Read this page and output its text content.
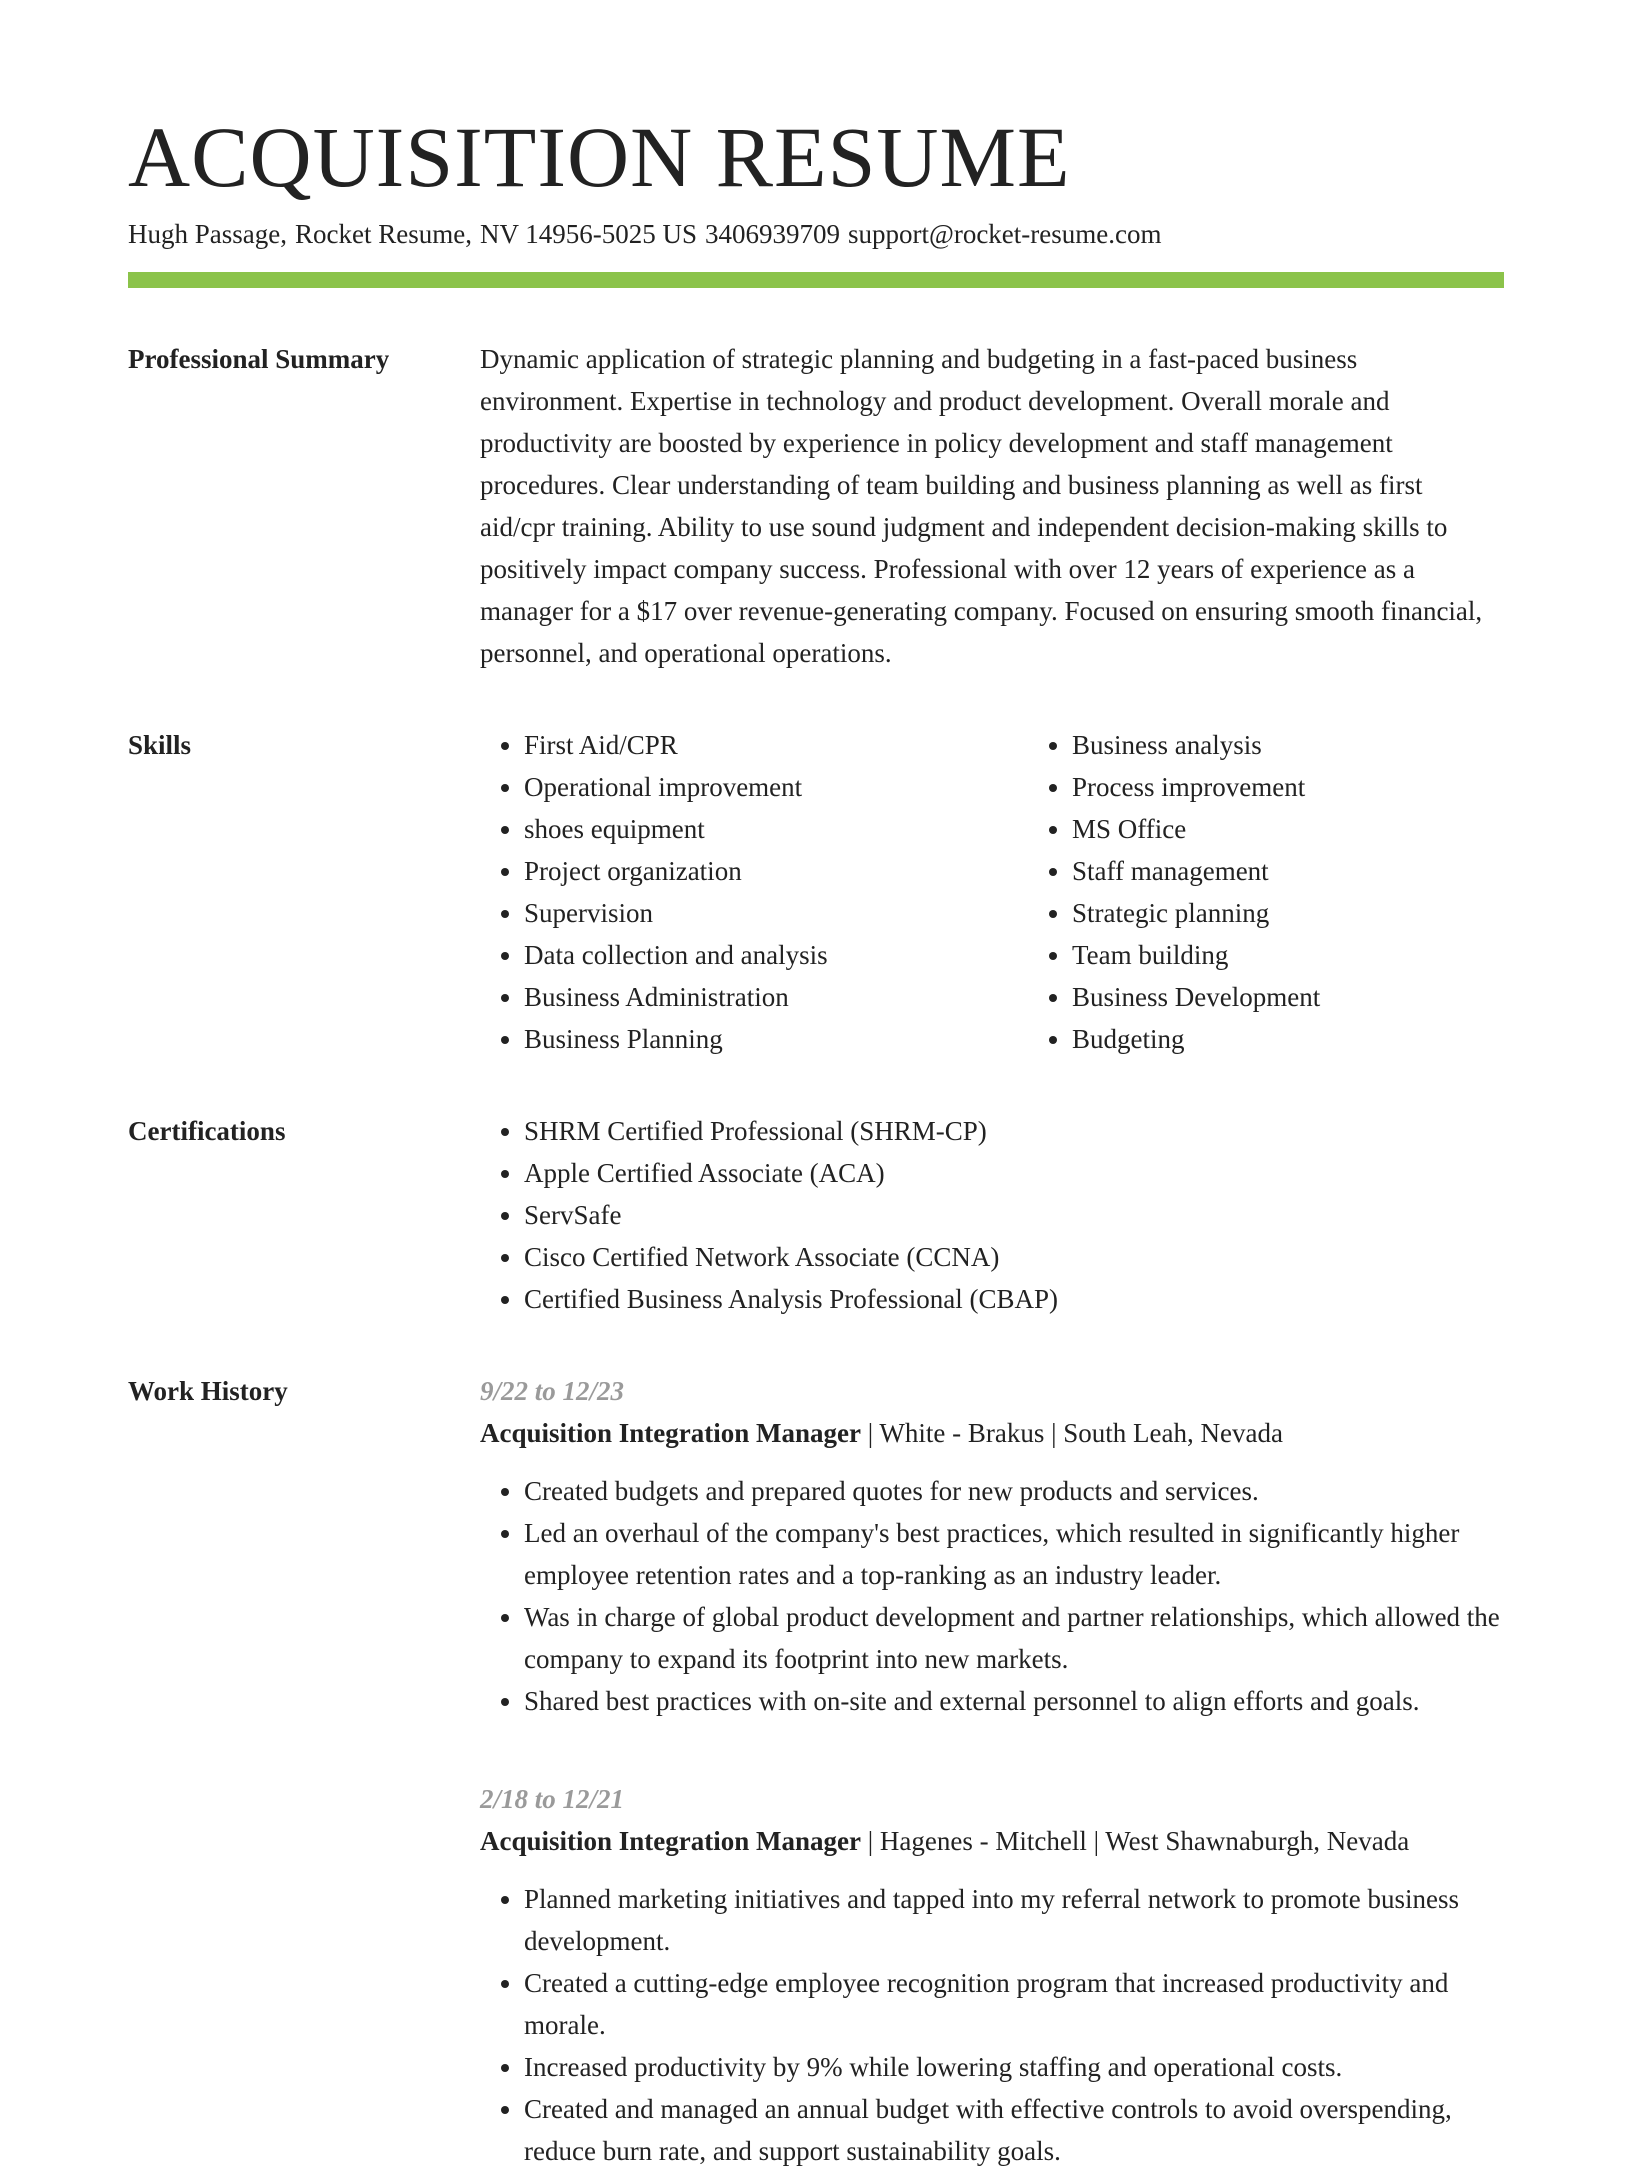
ACQUISITION RESUME
Hugh Passage, Rocket Resume, NV 14956-5025 US 3406939709 support@rocket-resume.com
Professional Summary	Dynamic application of strategic planning and budgeting in a fast-paced business environment. Expertise in technology and product development. Overall morale and productivity are boosted by experience in policy development and staff management procedures. Clear understanding of team building and business planning as well as first aid/cpr training. Ability to use sound judgment and independent decision-making skills to positively impact company success. Professional with over 12 years of experience as a manager for a $17 over revenue-generating company. Focused on ensuring smooth financial, personnel, and operational operations.

Skills	• First Aid/CPR
• Operational improvement
• shoes equipment
• Project organization
• Supervision
• Data collection and analysis
• Business Administration
• Business Planning
• Business analysis
• Process improvement
• MS Office
• Staff management
• Strategic planning
• Team building
• Business Development
• Budgeting
Certifications	• SHRM Certified Professional (SHRM-CP)
• Apple Certified Associate (ACA)
• ServSafe
• Cisco Certified Network Associate (CCNA)
• Certified Business Analysis Professional (CBAP)
Work History	9/22 to 12/23
Acquisition Integration Manager | White - Brakus | South Leah, Nevada
• Created budgets and prepared quotes for new products and services.
• Led an overhaul of the company's best practices, which resulted in significantly higher employee retention rates and a top-ranking as an industry leader.
• Was in charge of global product development and partner relationships, which allowed the company to expand its footprint into new markets.
• Shared best practices with on-site and external personnel to align efforts and goals.
2/18 to 12/21
Acquisition Integration Manager | Hagenes - Mitchell | West Shawnaburgh, Nevada
• Planned marketing initiatives and tapped into my referral network to promote business development.
• Created a cutting-edge employee recognition program that increased productivity and morale.
• Increased productivity by 9% while lowering staffing and operational costs.
• Created and managed an annual budget with effective controls to avoid overspending, reduce burn rate, and support sustainability goals.
